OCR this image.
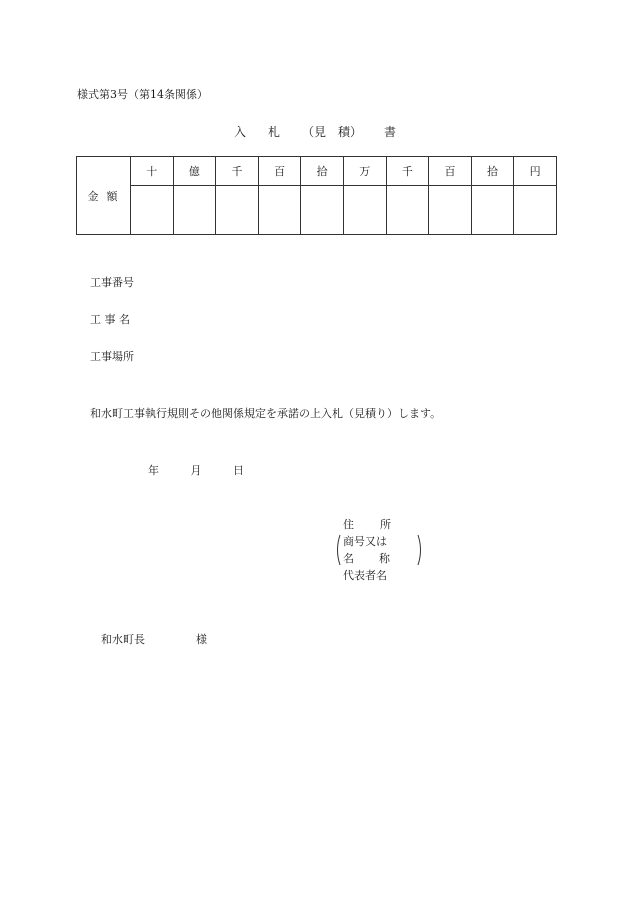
様式第3号（第14条関係）
入札（見　積） 書
金額	十	億	千	百	拾	万	千	百	拾	円

工事番号
工 事 名
工事場所
和水町工事執行規則その他関係規定を承諾の上入札（見積り）します。
年	月	日
住所
商号又は
名称
代表者名
和水町長	様
